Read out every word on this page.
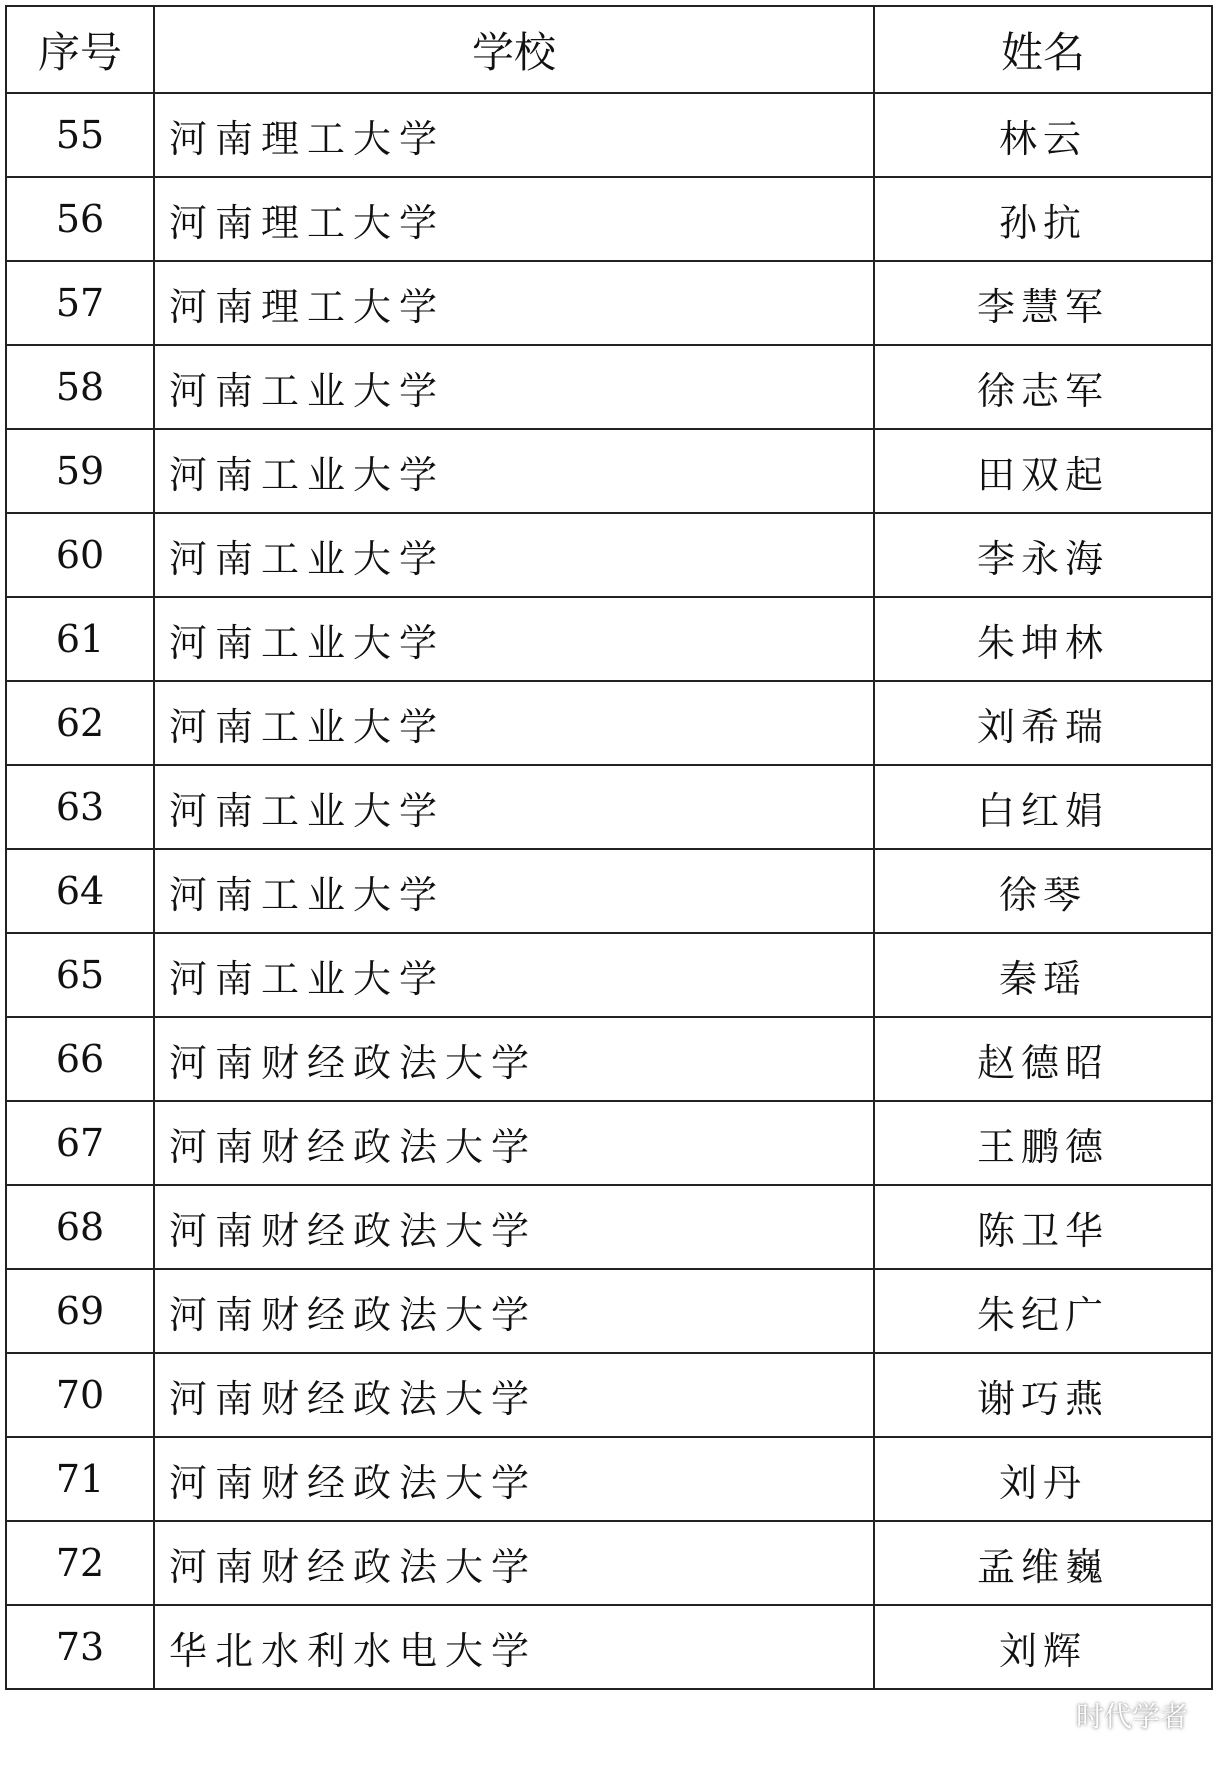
序号	学校	姓名
55	河南理工大学	林云
56	河南理工大学	孙抗
57	河南理工大学	李慧军
58	河南工业大学	徐志军
59	河南工业大学	田双起
60	河南工业大学	李永海
61	河南工业大学	朱坤林
62	河南工业大学	刘希瑞
63	河南工业大学	白红娟
64	河南工业大学	徐琴
65	河南工业大学	秦瑶
66	河南财经政法大学	赵德昭
67	河南财经政法大学	王鹏德
68	河南财经政法大学	陈卫华
69	河南财经政法大学	朱纪广
70	河南财经政法大学	谢巧燕
71	河南财经政法大学	刘丹
72	河南财经政法大学	孟维巍
73	华北水利水电大学	刘辉
时代学者
